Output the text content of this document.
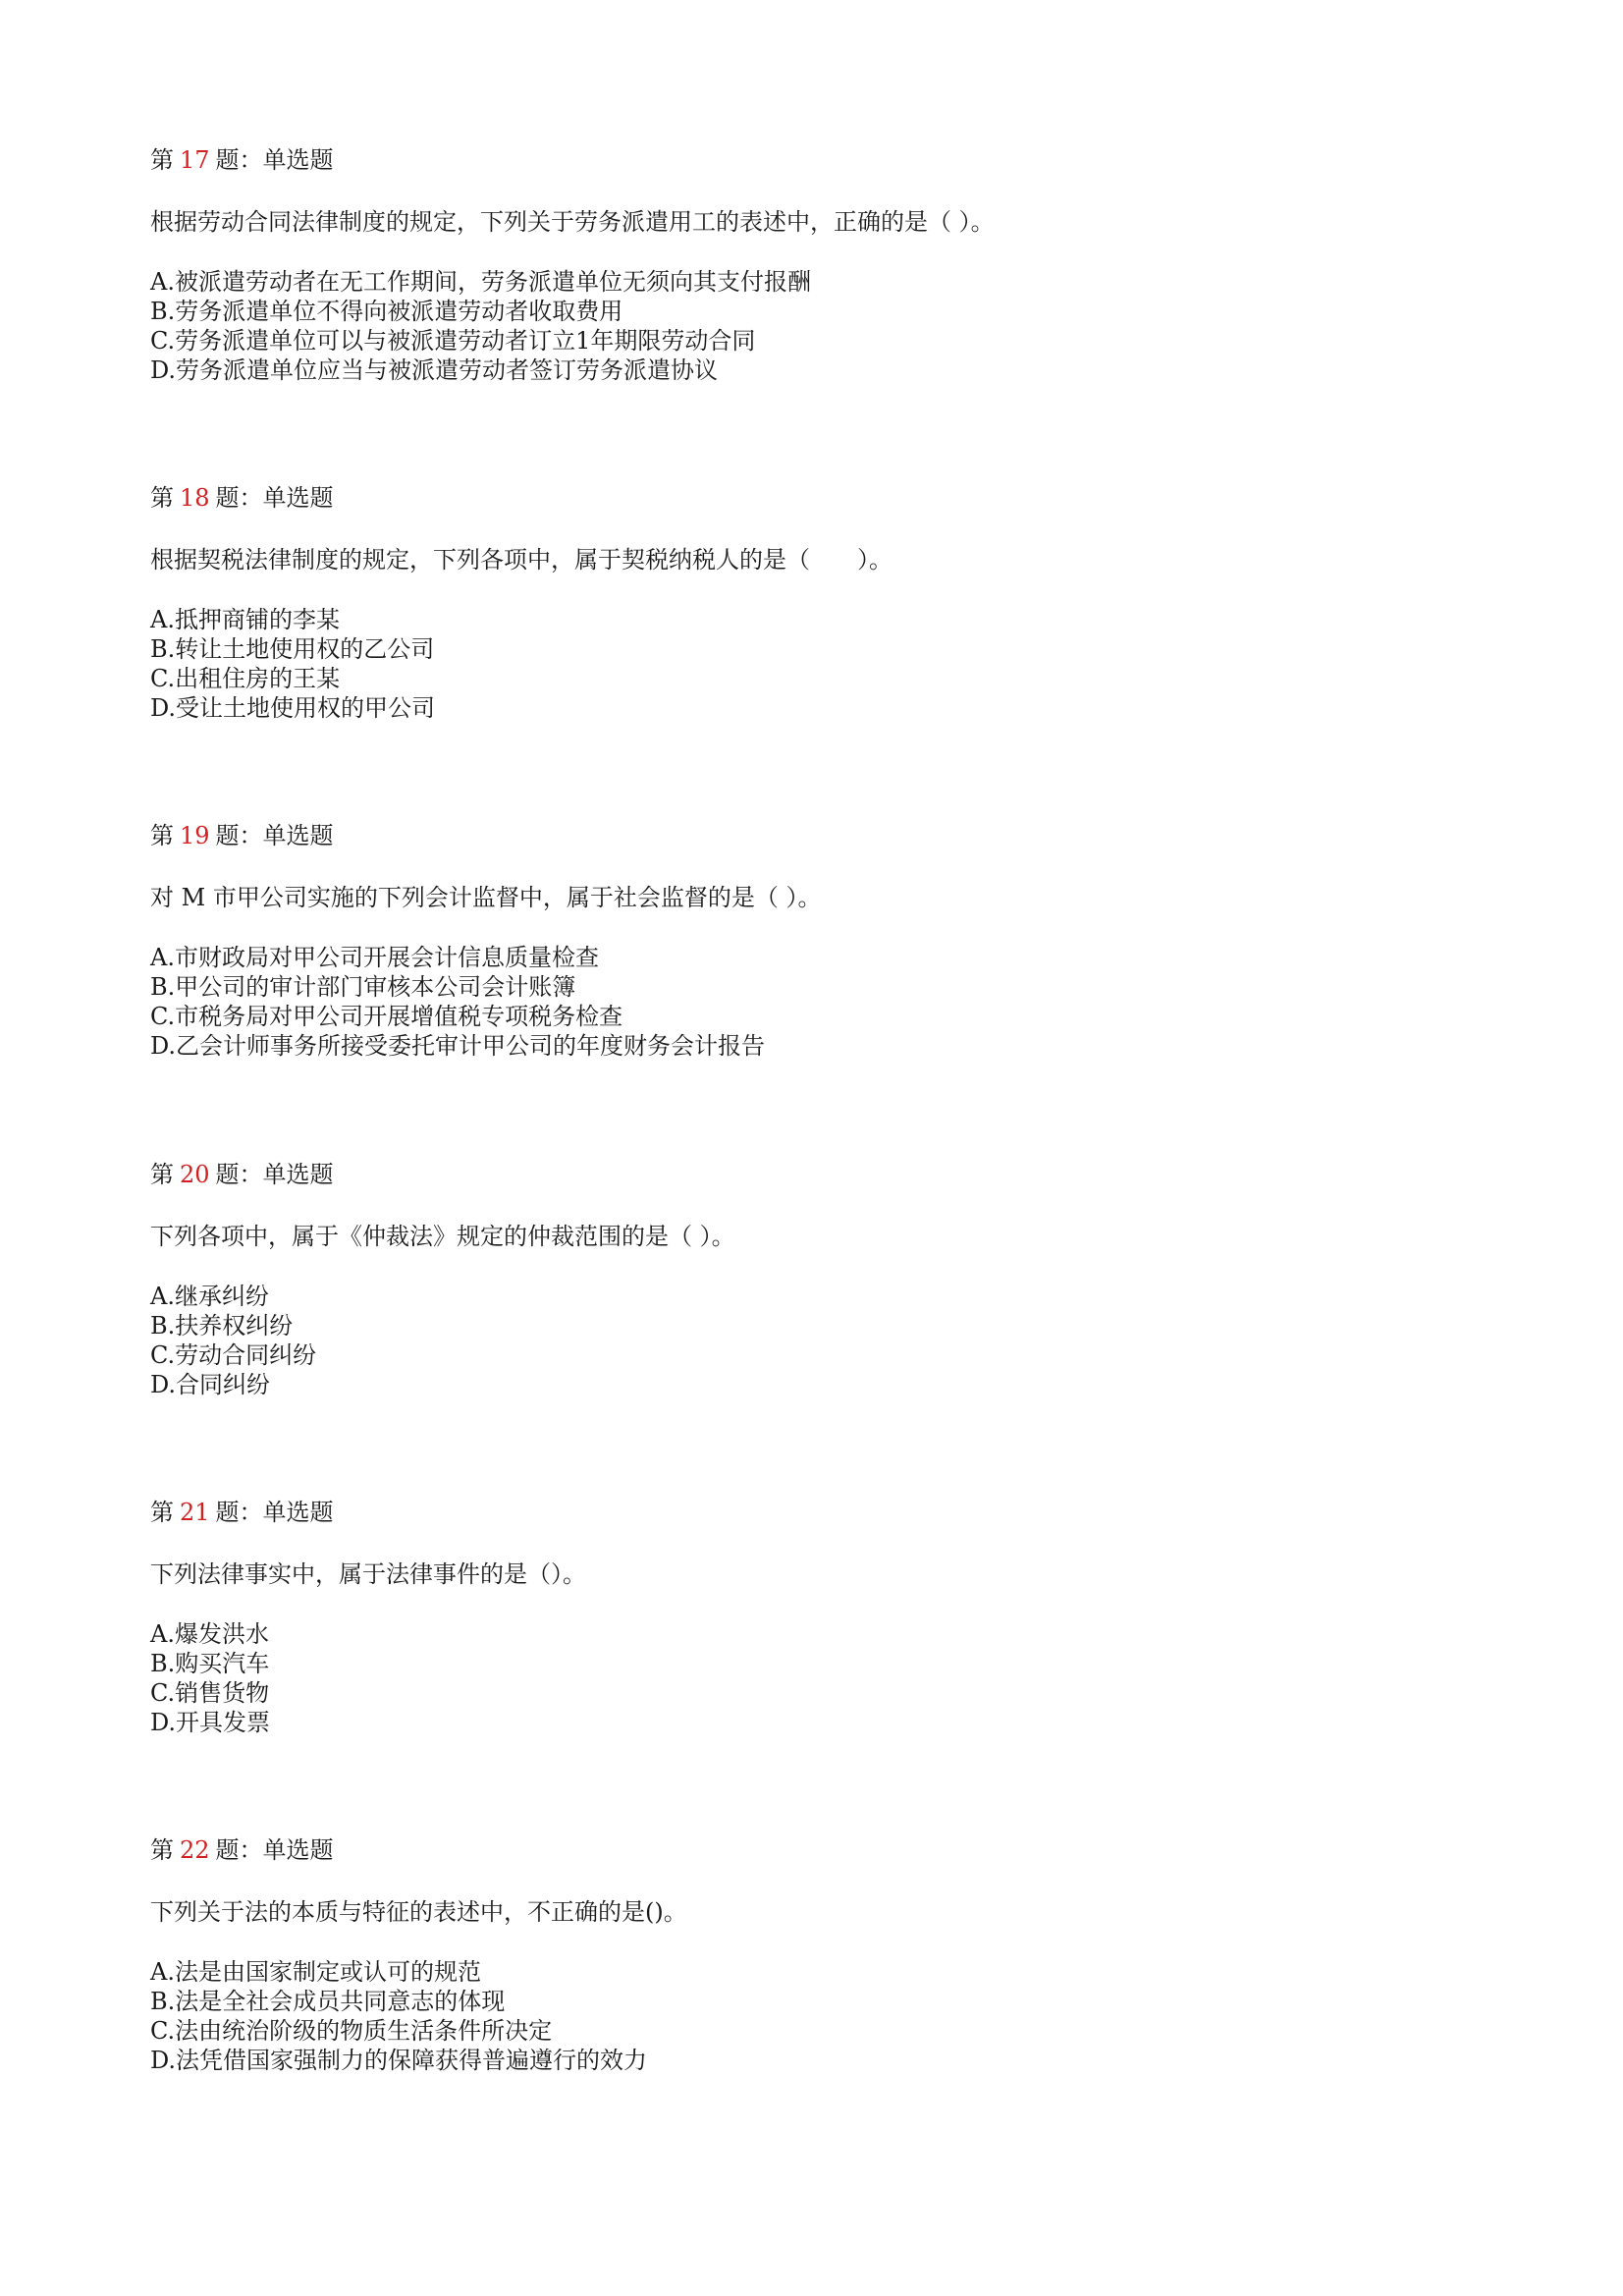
第 17 题：单选题
根据劳动合同法律制度的规定，下列关于劳务派遣用工的表述中，正确的是（ ）。
A.被派遣劳动者在无工作期间，劳务派遣单位无须向其支付报酬
B.劳务派遣单位不得向被派遣劳动者收取费用
C.劳务派遣单位可以与被派遣劳动者订立1年期限劳动合同
D.劳务派遣单位应当与被派遣劳动者签订劳务派遣协议
第 18 题：单选题
根据契税法律制度的规定，下列各项中，属于契税纳税人的是（　　）。
A.抵押商铺的李某
B.转让土地使用权的乙公司
C.出租住房的王某
D.受让土地使用权的甲公司
第 19 题：单选题
对 M 市甲公司实施的下列会计监督中，属于社会监督的是（ ）。
A.市财政局对甲公司开展会计信息质量检查
B.甲公司的审计部门审核本公司会计账簿
C.市税务局对甲公司开展增值税专项税务检查
D.乙会计师事务所接受委托审计甲公司的年度财务会计报告
第 20 题：单选题
下列各项中，属于《仲裁法》规定的仲裁范围的是（ ）。
A.继承纠纷
B.扶养权纠纷
C.劳动合同纠纷
D.合同纠纷
第 21 题：单选题
下列法律事实中，属于法律事件的是（）。
A.爆发洪水
B.购买汽车
C.销售货物
D.开具发票
第 22 题：单选题
下列关于法的本质与特征的表述中，不正确的是()。
A.法是由国家制定或认可的规范
B.法是全社会成员共同意志的体现
C.法由统治阶级的物质生活条件所决定
D.法凭借国家强制力的保障获得普遍遵行的效力
